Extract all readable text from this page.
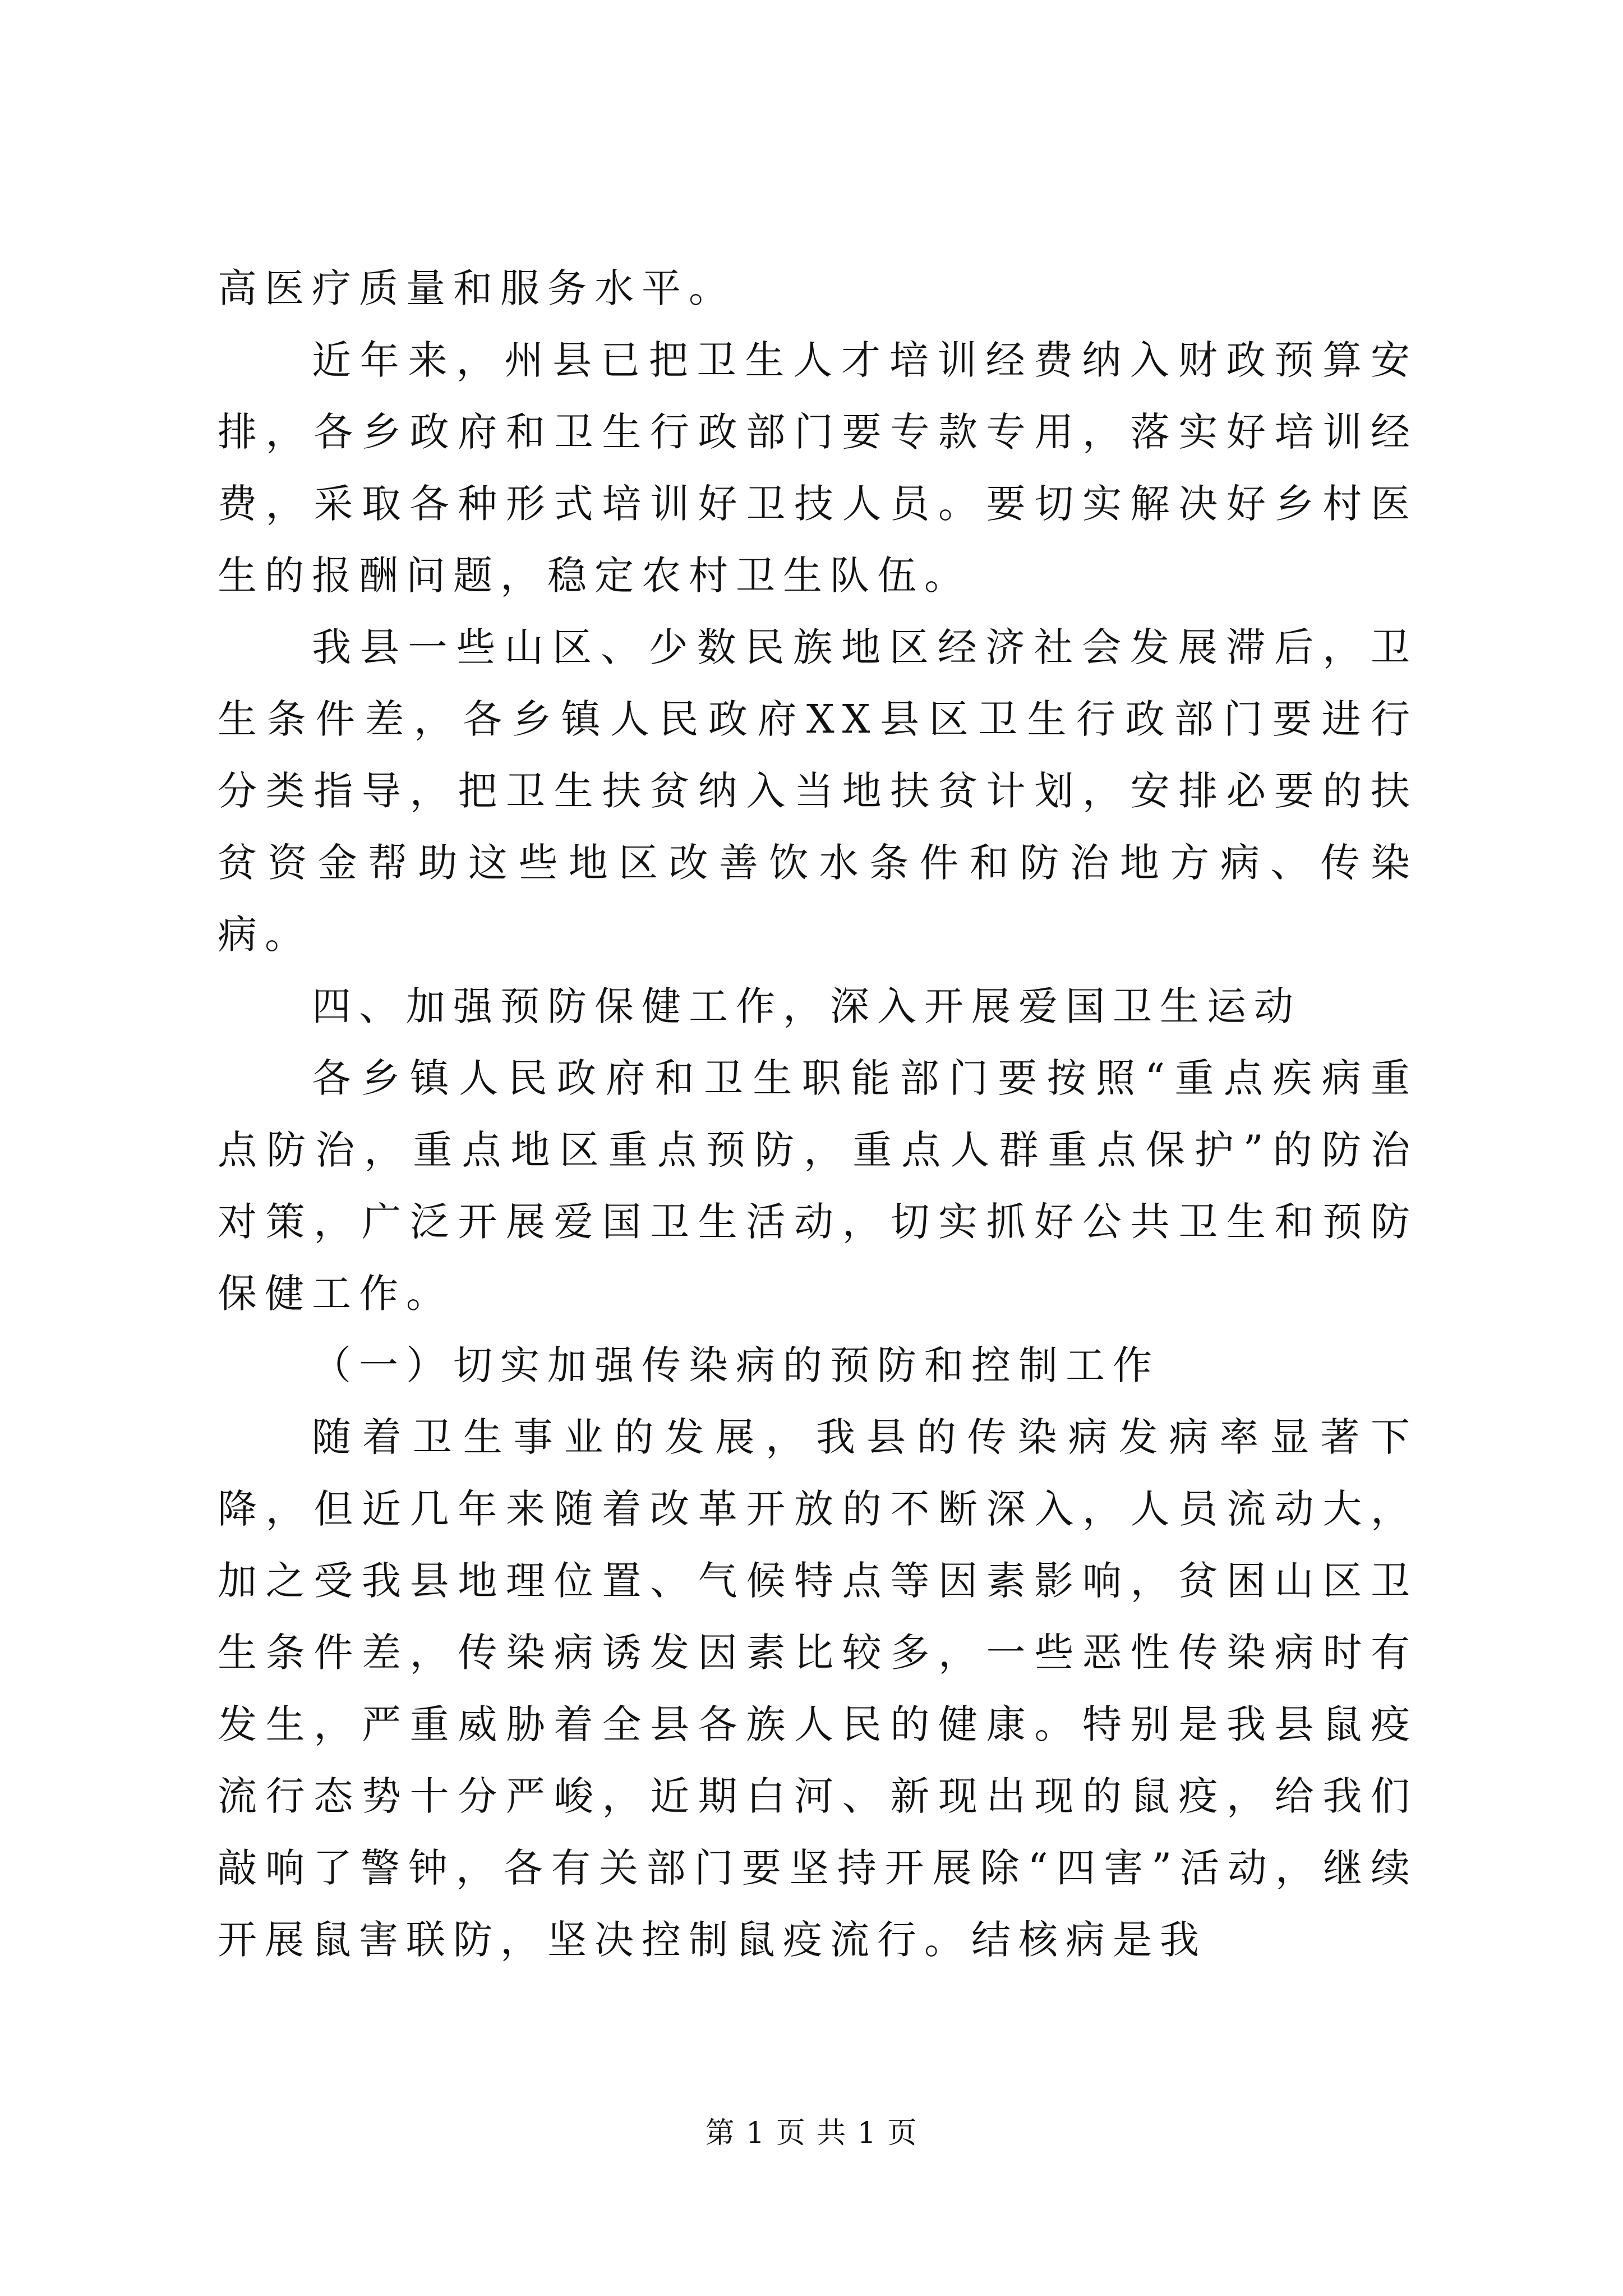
高医疗质量和服务水平。

近年来，州县已把卫生人才培训经费纳入财政预算安排，各乡政府和卫生行政部门要专款专用，落实好培训经费，采取各种形式培训好卫技人员。要切实解决好乡村医生的报酬问题，稳定农村卫生队伍。

我县一些山区、少数民族地区经济社会发展滞后，卫生条件差，各乡镇人民政府XX县区卫生行政部门要进行分类指导，把卫生扶贫纳入当地扶贫计划，安排必要的扶贫资金帮助这些地区改善饮水条件和防治地方病、传染病。

四、加强预防保健工作，深入开展爱国卫生运动

各乡镇人民政府和卫生职能部门要按照“重点疾病重点防治，重点地区重点预防，重点人群重点保护”的防治对策，广泛开展爱国卫生活动，切实抓好公共卫生和预防保健工作。

（一）切实加强传染病的预防和控制工作

随着卫生事业的发展，我县的传染病发病率显著下降，但近几年来随着改革开放的不断深入，人员流动大，加之受我县地理位置、气候特点等因素影响，贫困山区卫生条件差，传染病诱发因素比较多，一些恶性传染病时有发生，严重威胁着全县各族人民的健康。特别是我县鼠疫流行态势十分严峻，近期白河、新现出现的鼠疫，给我们敲响了警钟，各有关部门要坚持开展除“四害”活动，继续开展鼠害联防，坚决控制鼠疫流行。结核病是我

第 1 页 共 1 页
